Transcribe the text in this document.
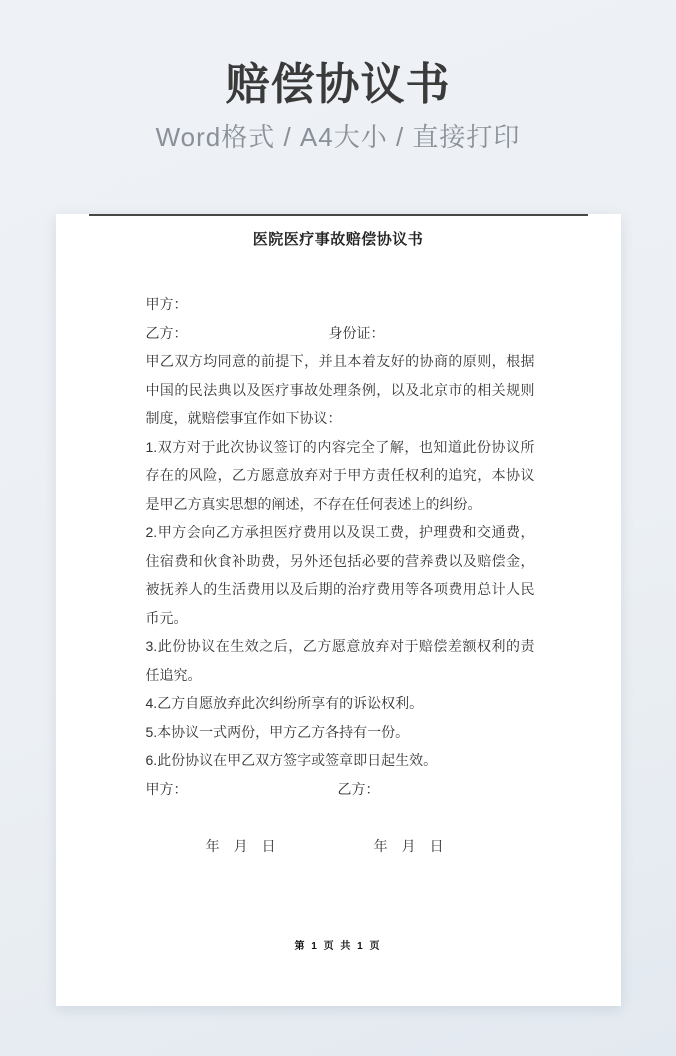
赔偿协议书
Word格式 / A4大小 / 直接打印
医院医疗事故赔偿协议书

甲方：

乙方：	身份证：

甲乙双方均同意的前提下，并且本着友好的协商的原则，根据中国的民法典以及医疗事故处理条例，以及北京市的相关规则制度，就赔偿事宜作如下协议：

1.双方对于此次协议签订的内容完全了解，也知道此份协议所存在的风险，乙方愿意放弃对于甲方责任权利的追究，本协议是甲乙方真实思想的阐述，不存在任何表述上的纠纷。

2.甲方会向乙方承担医疗费用以及误工费，护理费和交通费，住宿费和伙食补助费，另外还包括必要的营养费以及赔偿金，被抚养人的生活费用以及后期的治疗费用等各项费用总计人民币元。

3.此份协议在生效之后，乙方愿意放弃对于赔偿差额权利的责任追究。

4.乙方自愿放弃此次纠纷所享有的诉讼权利。

5.本协议一式两份，甲方乙方各持有一份。

6.此份协议在甲乙双方签字或签章即日起生效。

甲方：	乙方：

年　月　日	年　月　日

第 1 页 共 1 页
